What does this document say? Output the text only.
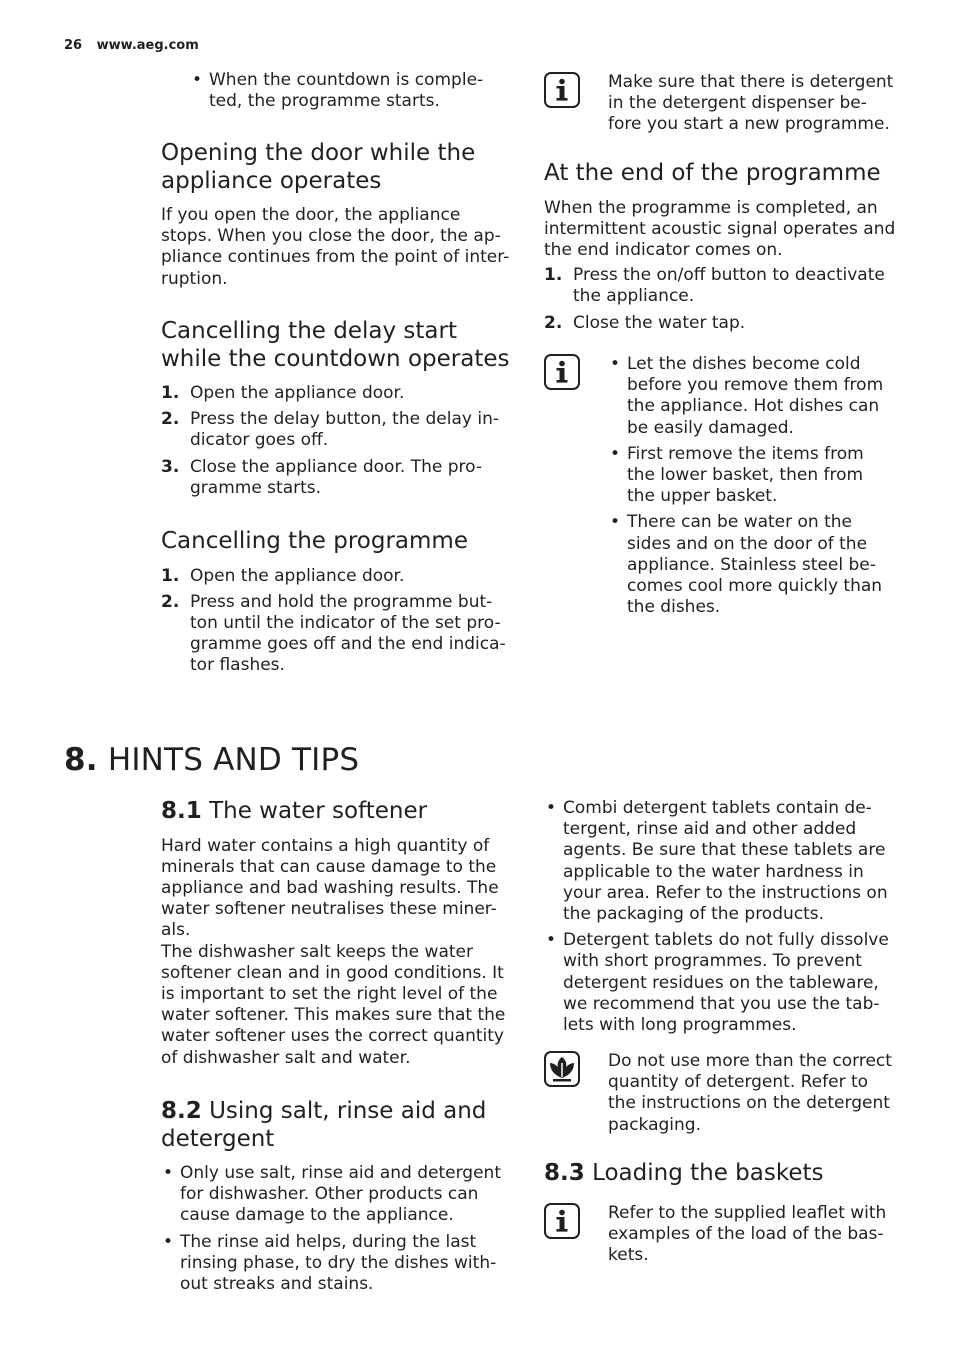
26 www.aeg.com
• When the countdown is comple-
ted, the programme starts.
Opening the door while the
appliance operates

If you open the door, the appliance
stops. When you close the door, the ap-
pliance continues from the point of inter-
ruption.

Cancelling the delay start
while the countdown operates
1. Open the appliance door.
2. Press the delay button, the delay in-
dicator goes off.
3. Close the appliance door. The pro-
gramme starts.
Cancelling the programme
1. Open the appliance door.
2. Press and hold the programme but-
ton until the indicator of the set pro-
gramme goes off and the end indica-
tor flashes.

Make sure that there is detergent
in the detergent dispenser be-
fore you start a new programme.

At the end of the programme

When the programme is completed, an
intermittent acoustic signal operates and
the end indicator comes on.

1. Press the on/off button to deactivate
the appliance.
2. Close the water tap.
• Let the dishes become cold
before you remove them from
the appliance. Hot dishes can
be easily damaged.
• First remove the items from
the lower basket, then from
the upper basket.
• There can be water on the
sides and on the door of the
appliance. Stainless steel be-
comes cool more quickly than
the dishes.
8. HINTS AND TIPS
8.1 The water softener

Hard water contains a high quantity of
minerals that can cause damage to the
appliance and bad washing results. The
water softener neutralises these miner-
als.
The dishwasher salt keeps the water
softener clean and in good conditions. It
is important to set the right level of the
water softener. This makes sure that the
water softener uses the correct quantity
of dishwasher salt and water.

8.2 Using salt, rinse aid and
detergent
• Only use salt, rinse aid and detergent
for dishwasher. Other products can
cause damage to the appliance.
• The rinse aid helps, during the last
rinsing phase, to dry the dishes with-
out streaks and stains.
• Combi detergent tablets contain de-
tergent, rinse aid and other added
agents. Be sure that these tablets are
applicable to the water hardness in
your area. Refer to the instructions on
the packaging of the products.
• Detergent tablets do not fully dissolve
with short programmes. To prevent
detergent residues on the tableware,
we recommend that you use the tab-
lets with long programmes.

Do not use more than the correct
quantity of detergent. Refer to
the instructions on the detergent
packaging.

8.3 Loading the baskets

Refer to the supplied leaflet with
examples of the load of the bas-
kets.
